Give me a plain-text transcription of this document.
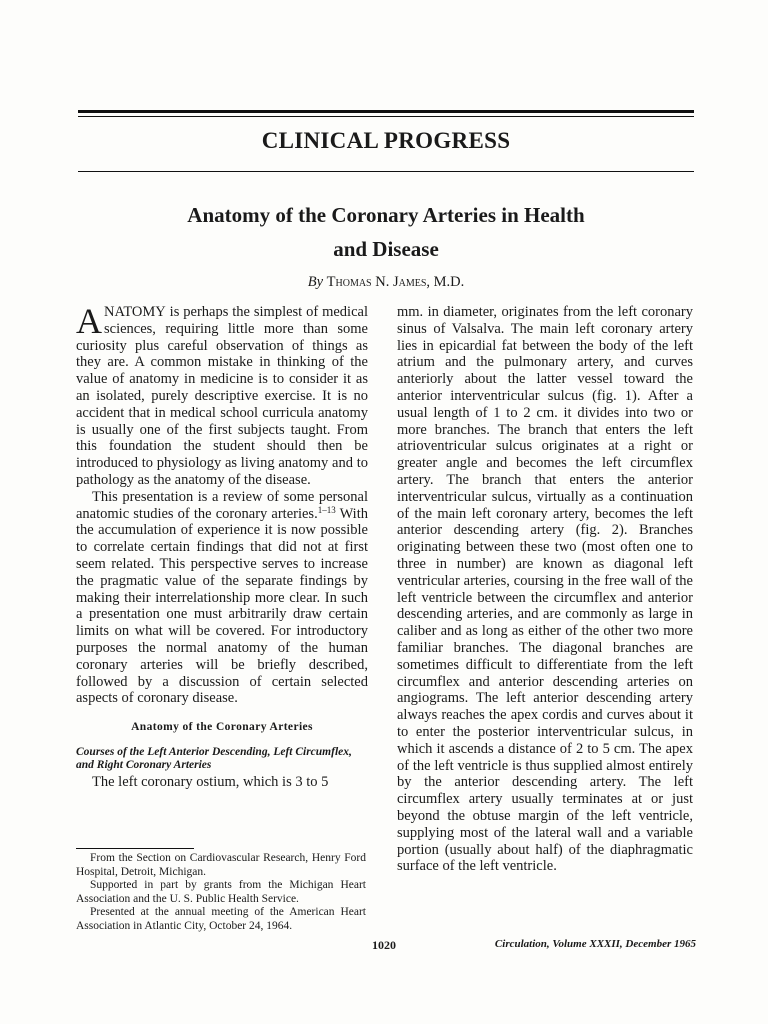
CLINICAL PROGRESS
Anatomy of the Coronary Arteries in Health
and Disease
By Thomas N. James, M.D.

ANATOMY is perhaps the simplest of medical sciences, requiring little more than some curiosity plus careful observation of things as they are. A common mistake in thinking of the value of anatomy in medicine is to consider it as an isolated, purely descriptive exercise. It is no accident that in medical school curricula anatomy is usually one of the first subjects taught. From this foundation the student should then be introduced to physiology as living anatomy and to pathology as the anatomy of the disease.

This presentation is a review of some personal anatomic studies of the coronary arteries.$^{1-13}$ With the accumulation of experience it is now possible to correlate certain findings that did not at first seem related. This perspective serves to increase the pragmatic value of the separate findings by making their interrelationship more clear. In such a presentation one must arbitrarily draw certain limits on what will be covered. For introductory purposes the normal anatomy of the human coronary arteries will be briefly described, followed by a discussion of certain selected aspects of coronary disease.

Anatomy of the Coronary Arteries
Courses of the Left Anterior Descending, Left Circumflex, and Right Coronary Arteries

The left coronary ostium, which is 3 to 5

mm. in diameter, originates from the left coronary sinus of Valsalva. The main left coronary artery lies in epicardial fat between the body of the left atrium and the pulmonary artery, and curves anteriorly about the latter vessel toward the anterior interventricular sulcus (fig. 1). After a usual length of 1 to 2 cm. it divides into two or more branches. The branch that enters the left atrioventricular sulcus originates at a right or greater angle and becomes the left circumflex artery. The branch that enters the anterior interventricular sulcus, virtually as a continuation of the main left coronary artery, becomes the left anterior descending artery (fig. 2). Branches originating between these two (most often one to three in number) are known as diagonal left ventricular arteries, coursing in the free wall of the left ventricle between the circumflex and anterior descending arteries, and are commonly as large in caliber and as long as either of the other two more familiar branches. The diagonal branches are sometimes difficult to differentiate from the left circumflex and anterior descending arteries on angiograms. The left anterior descending artery always reaches the apex cordis and curves about it to enter the posterior interventricular sulcus, in which it ascends a distance of 2 to 5 cm. The apex of the left ventricle is thus supplied almost entirely by the anterior descending artery. The left circumflex artery usually terminates at or just beyond the obtuse margin of the left ventricle, supplying most of the lateral wall and a variable portion (usually about half) of the diaphragmatic surface of the left ventricle.

From the Section on Cardiovascular Research, Henry Ford Hospital, Detroit, Michigan.

Supported in part by grants from the Michigan Heart Association and the U. S. Public Health Service.

Presented at the annual meeting of the American Heart Association in Atlantic City, October 24, 1964.

1020	Circulation, Volume XXXII, December 1965
